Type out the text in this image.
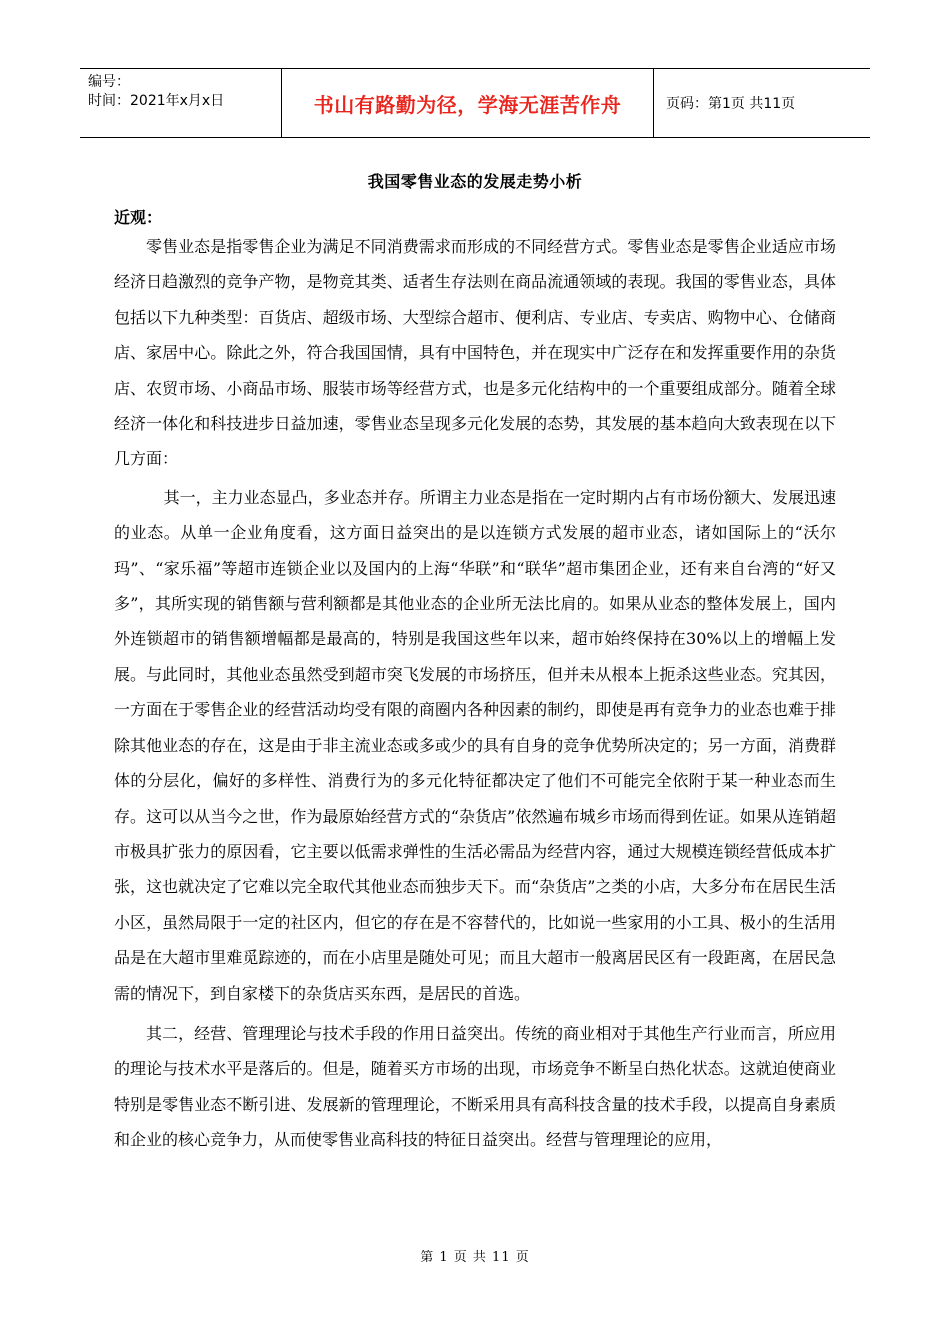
编号：
时间：2021年x月x日	书山有路勤为径，学海无涯苦作舟	页码：第1页 共11页
我国零售业态的发展走势小析
近观：

零售业态是指零售企业为满足不同消费需求而形成的不同经营方式。零售业态是零售企业适应市场经济日趋激烈的竞争产物，是物竞其类、适者生存法则在商品流通领域的表现。我国的零售业态，具体包括以下九种类型：百货店、超级市场、大型综合超市、便利店、专业店、专卖店、购物中心、仓储商店、家居中心。除此之外，符合我国国情，具有中国特色，并在现实中广泛存在和发挥重要作用的杂货店、农贸市场、小商品市场、服装市场等经营方式，也是多元化结构中的一个重要组成部分。随着全球经济一体化和科技进步日益加速，零售业态呈现多元化发展的态势，其发展的基本趋向大致表现在以下几方面：

其一，主力业态显凸，多业态并存。所谓主力业态是指在一定时期内占有市场份额大、发展迅速的业态。从单一企业角度看，这方面日益突出的是以连锁方式发展的超市业态，诸如国际上的“沃尔玛”、“家乐福”等超市连锁企业以及国内的上海“华联”和“联华”超市集团企业，还有来自台湾的“好又多”，其所实现的销售额与营利额都是其他业态的企业所无法比肩的。如果从业态的整体发展上，国内外连锁超市的销售额增幅都是最高的，特别是我国这些年以来，超市始终保持在30%以上的增幅上发展。与此同时，其他业态虽然受到超市突飞发展的市场挤压，但并未从根本上扼杀这些业态。究其因，一方面在于零售企业的经营活动均受有限的商圈内各种因素的制约，即使是再有竞争力的业态也难于排除其他业态的存在，这是由于非主流业态或多或少的具有自身的竞争优势所决定的；另一方面，消费群体的分层化，偏好的多样性、消费行为的多元化特征都决定了他们不可能完全依附于某一种业态而生存。这可以从当今之世，作为最原始经营方式的“杂货店”依然遍布城乡市场而得到佐证。如果从连销超市极具扩张力的原因看，它主要以低需求弹性的生活必需品为经营内容，通过大规模连锁经营低成本扩张，这也就决定了它难以完全取代其他业态而独步天下。而“杂货店”之类的小店，大多分布在居民生活小区，虽然局限于一定的社区内，但它的存在是不容替代的，比如说一些家用的小工具、极小的生活用品是在大超市里难觅踪迹的，而在小店里是随处可见；而且大超市一般离居民区有一段距离，在居民急需的情况下，到自家楼下的杂货店买东西，是居民的首选。

其二，经营、管理理论与技术手段的作用日益突出。传统的商业相对于其他生产行业而言，所应用的理论与技术水平是落后的。但是，随着买方市场的出现，市场竞争不断呈白热化状态。这就迫使商业特别是零售业态不断引进、发展新的管理理论，不断采用具有高科技含量的技术手段，以提高自身素质和企业的核心竞争力，从而使零售业高科技的特征日益突出。经营与管理理论的应用，

第 1 页 共 11 页
